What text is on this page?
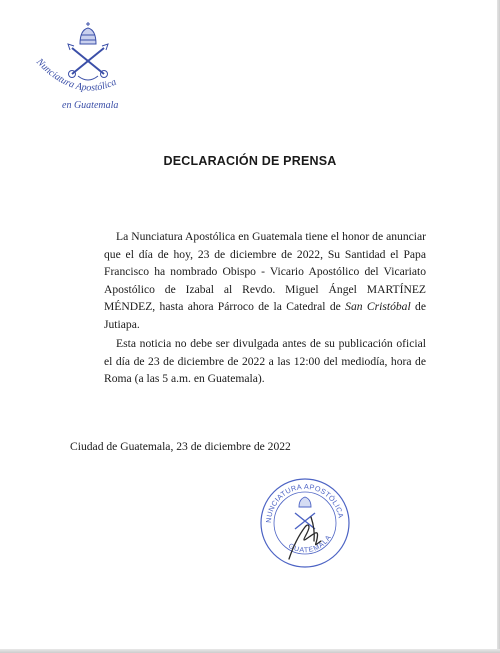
Nunciatura Apostólica
en Guatemala
DECLARACIÓN DE PRENSA
La Nunciatura Apostólica en Guatemala tiene el honor de anunciar que el día de hoy, 23 de diciembre de 2022, Su Santidad el Papa Francisco ha nombrado Obispo - Vicario Apostólico del Vicariato Apostólico de Izabal al Revdo. Miguel Ángel MARTÍNEZ MÉNDEZ, hasta ahora Párroco de la Catedral de San Cristóbal de Jutiapa.
Esta noticia no debe ser divulgada antes de su publicación oficial el día de 23 de diciembre de 2022 a las 12:00 del mediodía, hora de Roma (a las 5 a.m. en Guatemala).
Ciudad de Guatemala, 23 de diciembre de 2022
NUNCIATURA APOSTÓLICA
GUATEMALA
